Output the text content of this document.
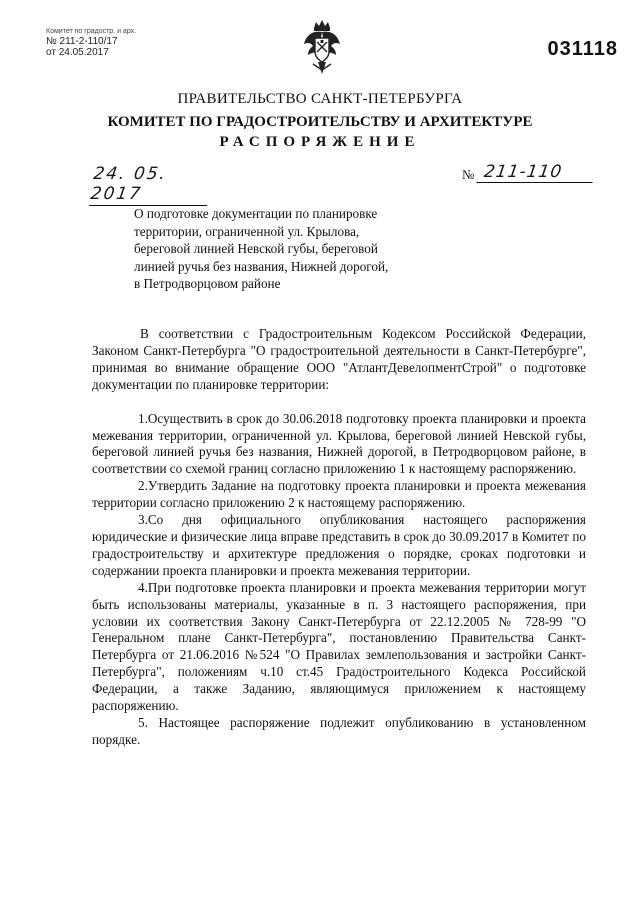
Комитет по градостр. и арх.
№ 211-2-110/17
от 24.05.2017	031118
ПРАВИТЕЛЬСТВО САНКТ-ПЕТЕРБУРГА
КОМИТЕТ ПО ГРАДОСТРОИТЕЛЬСТВУ И АРХИТЕКТУРЕ
РАСПОРЯЖЕНИЕ
24. 05. 2017
№ 211-110
О подготовке документации по планировке
территории, ограниченной ул. Крылова,
береговой линией Невской губы, береговой
линией ручья без названия, Нижней дорогой,
в Петродворцовом районе

В соответствии с Градостроительным Кодексом Российской Федерации, Законом Санкт-Петербурга "О градостроительной деятельности в Санкт-Петербурге", принимая во внимание обращение ООО "АтлантДевелопментСтрой" о подготовке документации по планировке территории:

1.Осуществить в срок до 30.06.2018 подготовку проекта планировки и проекта межевания территории, ограниченной ул. Крылова, береговой линией Невской губы, береговой линией ручья без названия, Нижней дорогой, в Петродворцовом районе, в соответствии со схемой границ согласно приложению 1 к настоящему распоряжению.

2.Утвердить Задание на подготовку проекта планировки и проекта межевания территории согласно приложению 2 к настоящему распоряжению.

3.Со дня официального опубликования настоящего распоряжения юридические и физические лица вправе представить в срок до 30.09.2017 в Комитет по градостроительству и архитектуре предложения о порядке, сроках подготовки и содержании проекта планировки и проекта межевания территории.

4.При подготовке проекта планировки и проекта межевания территории могут быть использованы материалы, указанные в п. 3 настоящего распоряжения, при условии их соответствия Закону Санкт-Петербурга от 22.12.2005 № 728-99 "О Генеральном плане Санкт-Петербурга", постановлению Правительства Санкт-Петербурга от 21.06.2016 №524 "О Правилах землепользования и застройки Санкт-Петербурга", положениям ч.10 ст.45 Градостроительного Кодекса Российской Федерации, а также Заданию, являющимуся приложением к настоящему распоряжению.

5. Настоящее распоряжение подлежит опубликованию в установленном порядке.
